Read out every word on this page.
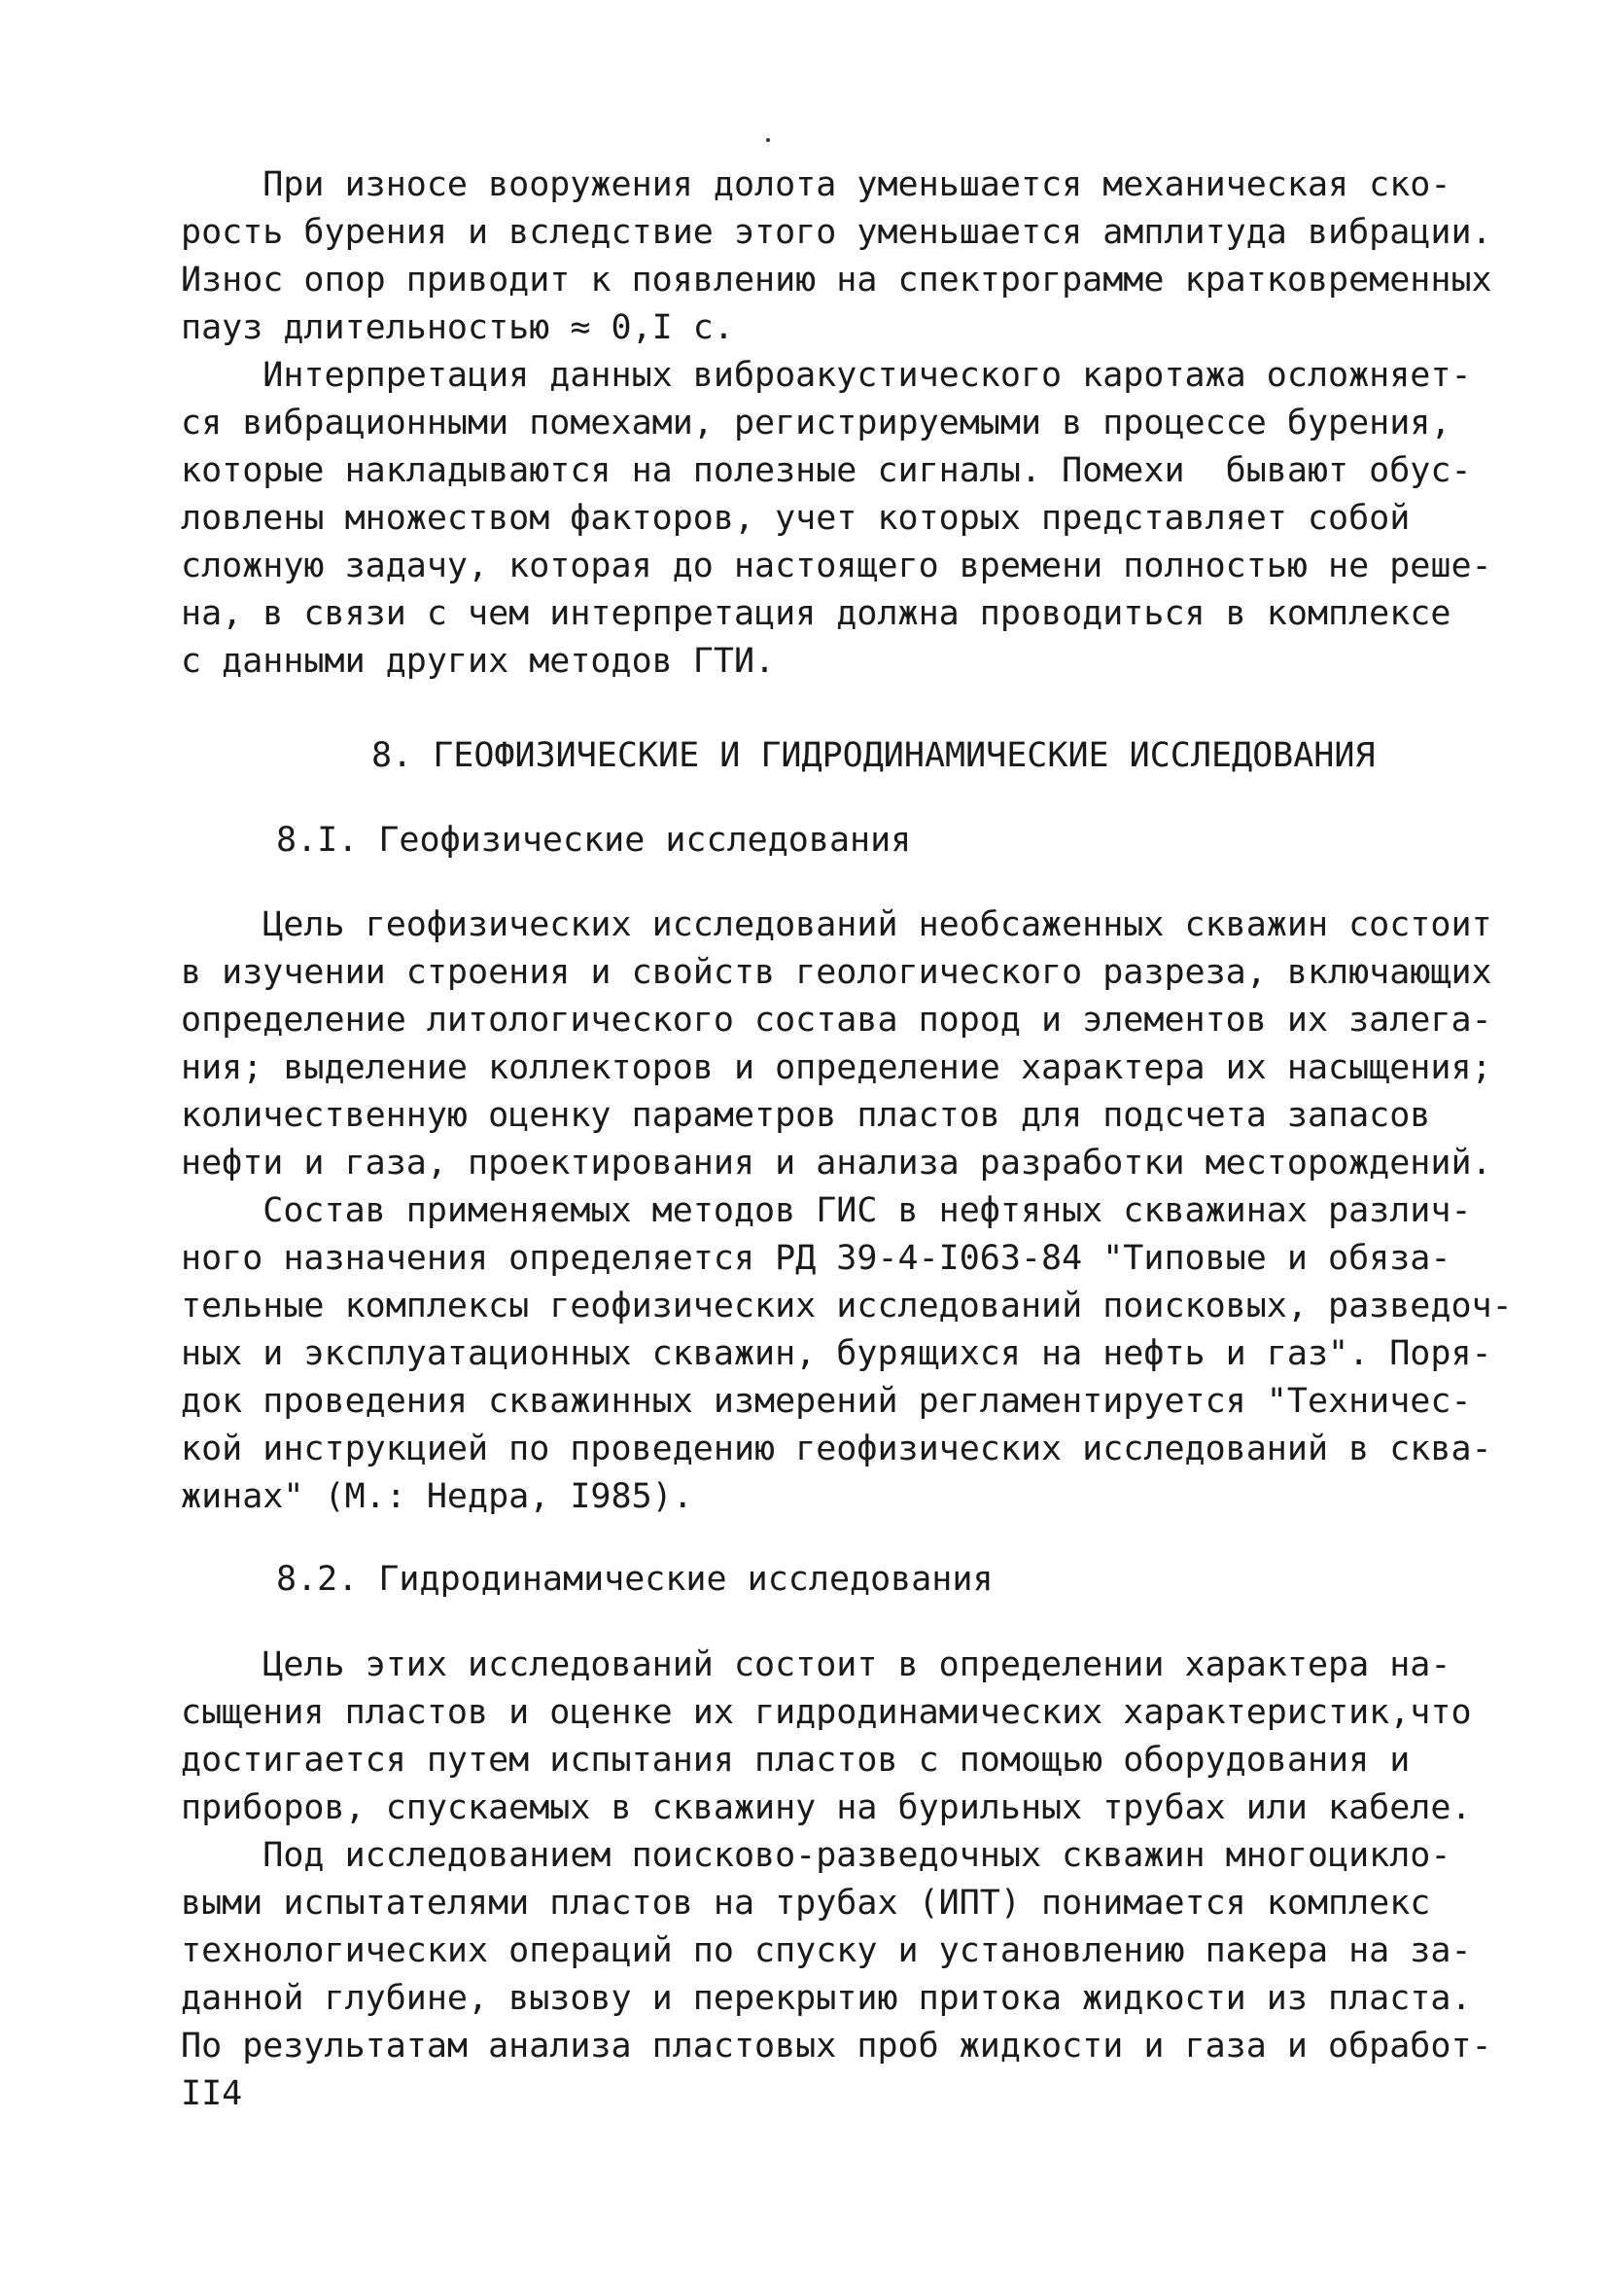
При износе вооружения долота уменьшается механическая ско-
рость бурения и вследствие этого уменьшается амплитуда вибрации.
Износ опор приводит к появлению на спектрограмме кратковременных
пауз длительностью ≈ 0,I с.
Интерпретация данных виброакустического каротажа осложняет-
ся вибрационными помехами, регистрируемыми в процессе бурения,
которые накладываются на полезные сигналы. Помехи  бывают обус-
ловлены множеством факторов, учет которых представляет собой
сложную задачу, которая до настоящего времени полностью не реше-
на, в связи с чем интерпретация должна проводиться в комплексе
с данными других методов ГТИ.
8. ГЕОФИЗИЧЕСКИЕ И ГИДРОДИНАМИЧЕСКИЕ ИССЛЕДОВАНИЯ
8.I. Геофизические исследования
Цель геофизических исследований необсаженных скважин состоит
в изучении строения и свойств геологического разреза, включающих
определение литологического состава пород и элементов их залега-
ния; выделение коллекторов и определение характера их насыщения;
количественную оценку параметров пластов для подсчета запасов
нефти и газа, проектирования и анализа разработки месторождений.
Состав применяемых методов ГИС в нефтяных скважинах различ-
ного назначения определяется РД 39-4-I063-84 "Типовые и обяза-
тельные комплексы геофизических исследований поисковых, разведоч-
ных и эксплуатационных скважин, бурящихся на нефть и газ". Поря-
док проведения скважинных измерений регламентируется "Техничес-
кой инструкцией по проведению геофизических исследований в сква-
жинах" (М.: Недра, I985).
8.2. Гидродинамические исследования
Цель этих исследований состоит в определении характера на-
сыщения пластов и оценке их гидродинамических характеристик,что
достигается путем испытания пластов с помощью оборудования и
приборов, спускаемых в скважину на бурильных трубах или кабеле.
Под исследованием поисково-разведочных скважин многоцикло-
выми испытателями пластов на трубах (ИПТ) понимается комплекс
технологических операций по спуску и установлению пакера на за-
данной глубине, вызову и перекрытию притока жидкости из пласта.
По результатам анализа пластовых проб жидкости и газа и обработ-
II4
